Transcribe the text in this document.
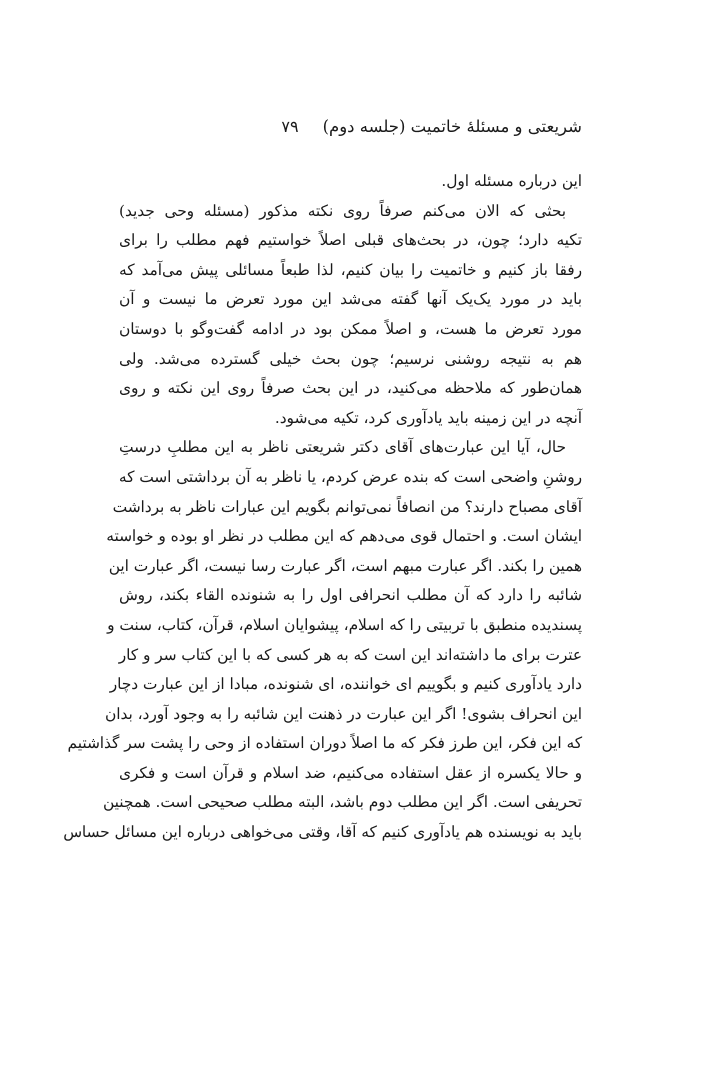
شریعتی و مسئلهٔ خاتمیت (جلسه دوم)
۷۹

این درباره مسئله اول.

بحثی که الان می‌کنم صرفاً روی نکته مذکور (مسئله وحی جدید)
تکیه دارد؛ چون، در بحث‌های قبلی اصلاً خواستیم فهم مطلب را برای
رفقا باز کنیم و خاتمیت را بیان کنیم، لذا طبعاً مسائلی پیش می‌آمد که
باید در مورد یک‌یک آنها گفته می‌شد این مورد تعرض ما نیست و آن
مورد تعرض ما هست، و اصلاً ممکن بود در ادامه گفت‌وگو با دوستان
هم به نتیجه روشنی نرسیم؛ چون بحث خیلی گسترده می‌شد. ولی
همان‌طور که ملاحظه می‌کنید، در این بحث صرفاً روی این نکته و روی
آنچه در این زمینه باید یادآوری کرد، تکیه می‌شود.

حال، آیا این عبارت‌های آقای دکتر شریعتی ناظر به این مطلبِ درستِ
روشنِ واضحی است که بنده عرض کردم، یا ناظر به آن برداشتی است که
آقای مصباح دارند؟ من انصافاً نمی‌توانم بگویم این عبارات ناظر به برداشت
ایشان است. و احتمال قوی می‌دهم که این مطلب در نظر او بوده و خواسته
همین را بکند. اگر عبارت مبهم است، اگر عبارت رسا نیست، اگر عبارت این
شائبه را دارد که آن مطلب انحرافی اول را به شنونده القاء بکند، روش
پسندیده منطبق با تربیتی را که اسلام، پیشوایان اسلام، قرآن، کتاب، سنت و
عترت برای ما داشته‌اند این است که به هر کسی که با این کتاب سر و کار
دارد یادآوری کنیم و بگوییم ای خواننده، ای شنونده، مبادا از این عبارت دچار
این انحراف بشوی! اگر این عبارت در ذهنت این شائبه را به وجود آورد، بدان
که این فکر، این طرز فکر که ما اصلاً دوران استفاده از وحی را پشت سر گذاشتیم
و حالا یکسره از عقل استفاده می‌کنیم، ضد اسلام و قرآن است و فکری
تحریفی است. اگر این مطلب دوم باشد، البته مطلب صحیحی است. همچنین
باید به نویسنده هم یادآوری کنیم که آقا، وقتی می‌خواهی درباره این مسائل حساس
